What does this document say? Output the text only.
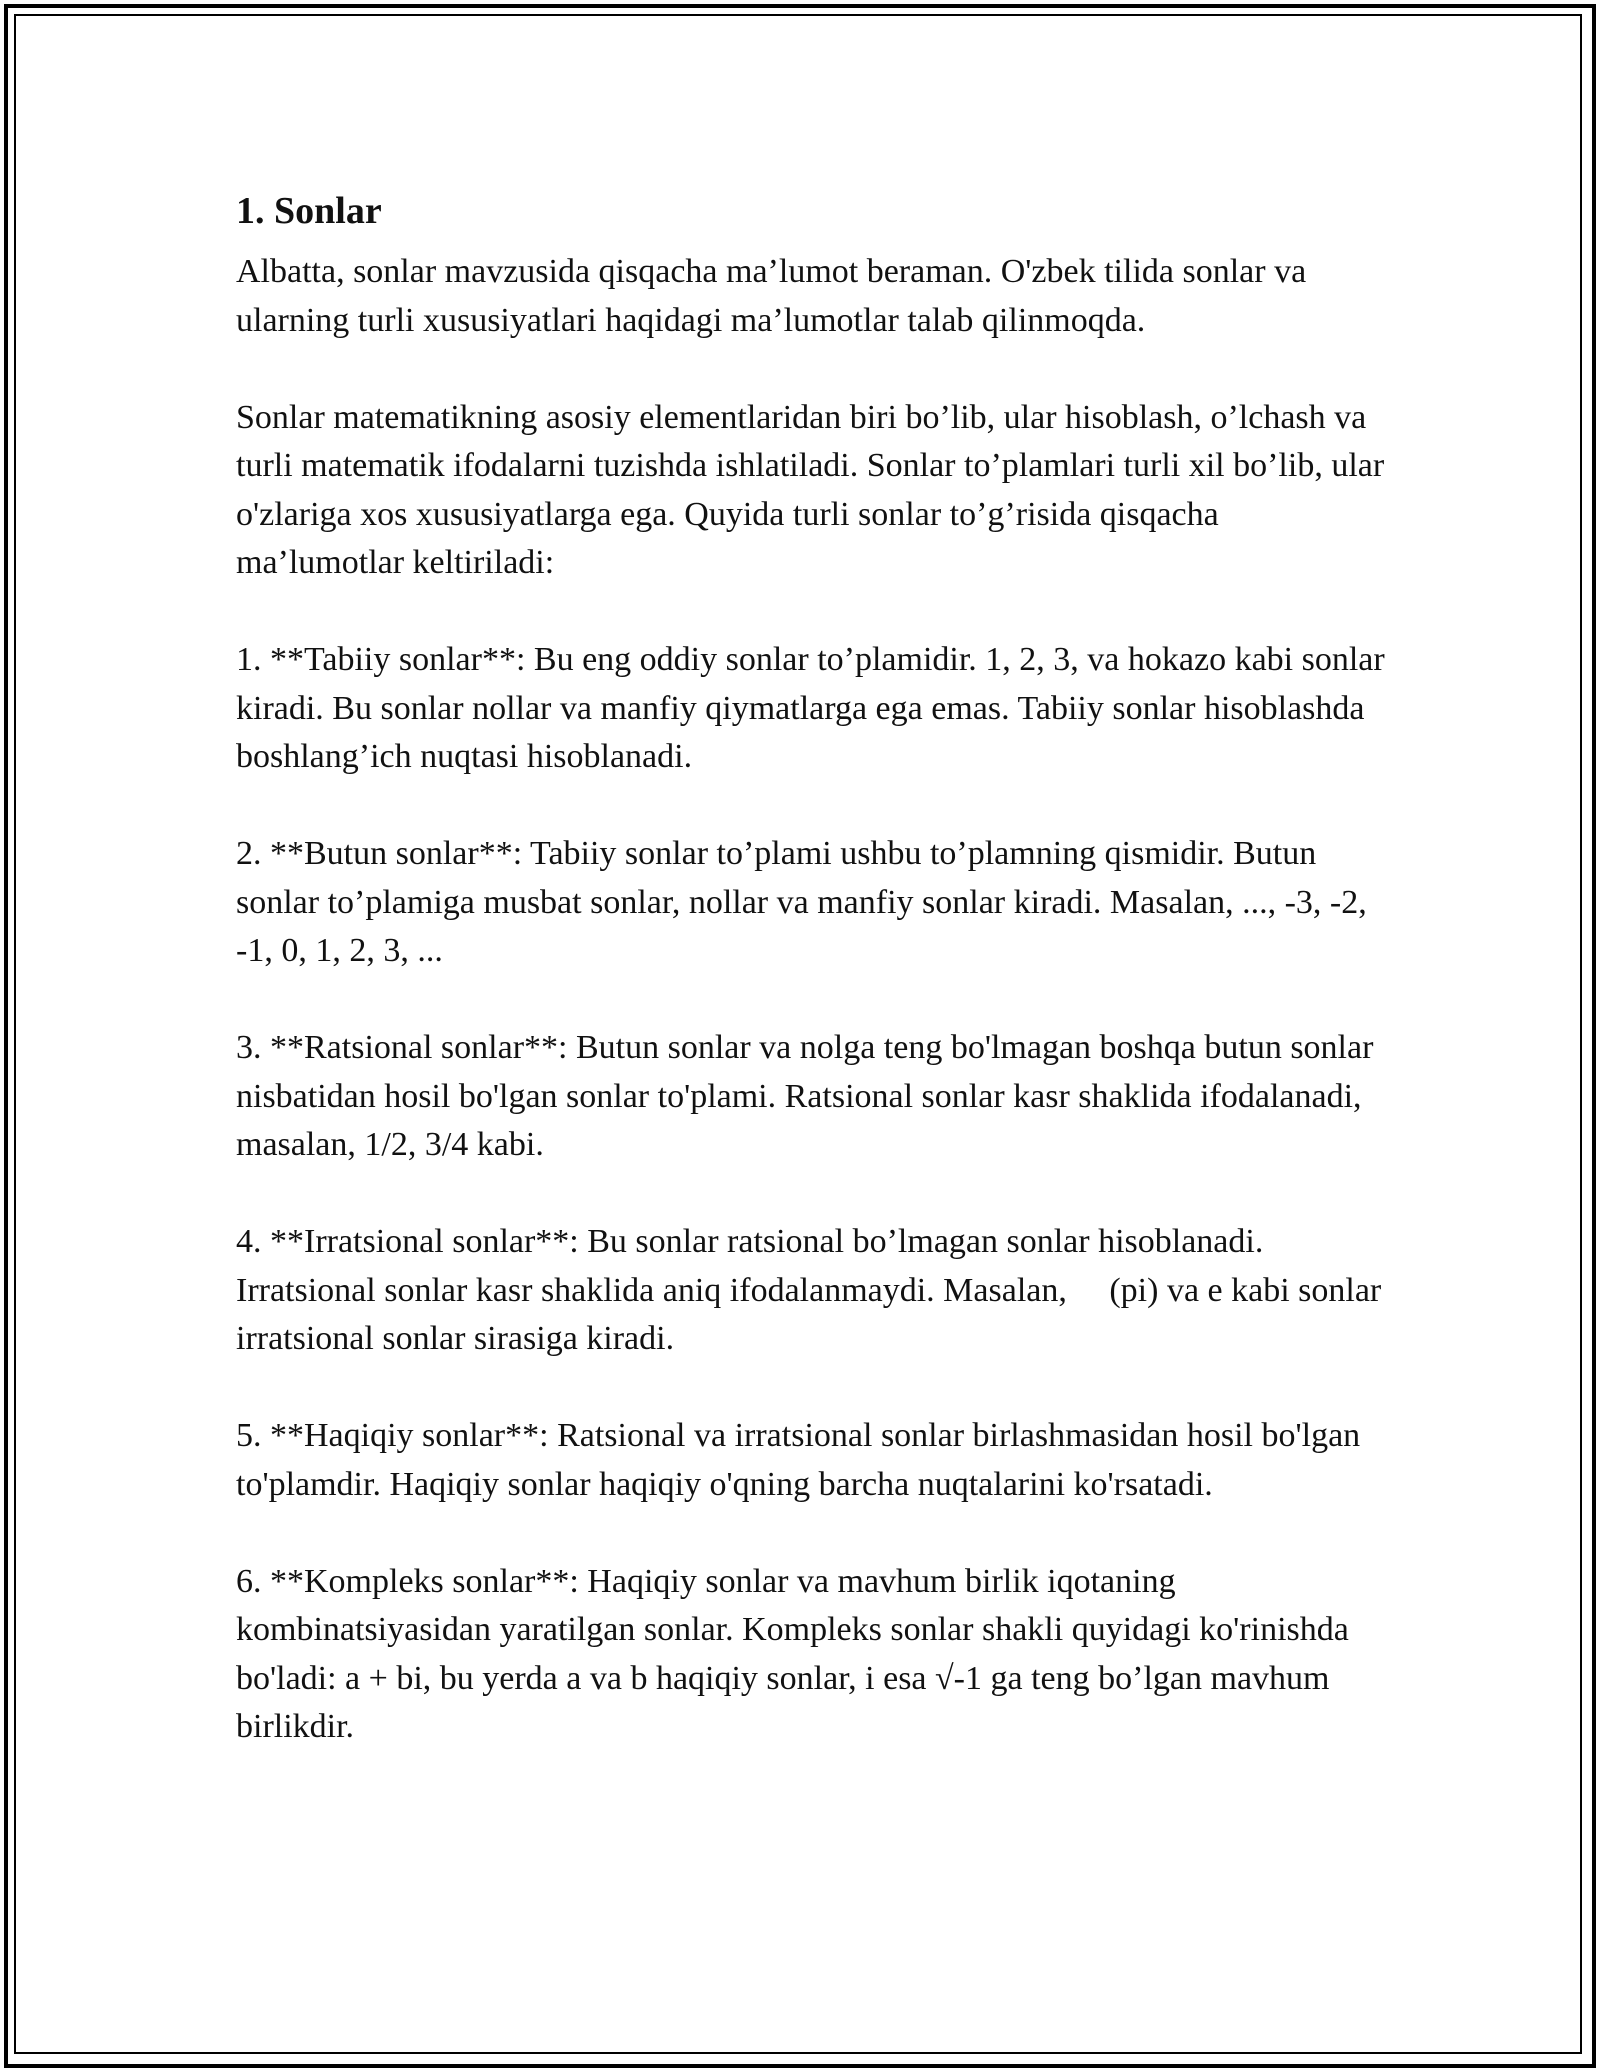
1. Sonlar

Albatta, sonlar mavzusida qisqacha ma’lumot beraman. O'zbek tilida sonlar va ularning turli xususiyatlari haqidagi ma’lumotlar talab qilinmoqda.

Sonlar matematikning asosiy elementlaridan biri bo’lib, ular hisoblash, o’lchash va turli matematik ifodalarni tuzishda ishlatiladi. Sonlar to’plamlari turli xil bo’lib, ular o'zlariga xos xususiyatlarga ega. Quyida turli sonlar to’g’risida qisqacha ma’lumotlar keltiriladi:

1. **Tabiiy sonlar**: Bu eng oddiy sonlar to’plamidir. 1, 2, 3, va hokazo kabi sonlar kiradi. Bu sonlar nollar va manfiy qiymatlarga ega emas. Tabiiy sonlar hisoblashda boshlang’ich nuqtasi hisoblanadi.

2. **Butun sonlar**: Tabiiy sonlar to’plami ushbu to’plamning qismidir. Butun sonlar to’plamiga musbat sonlar, nollar va manfiy sonlar kiradi. Masalan, ..., -3, -2, -1, 0, 1, 2, 3, ...

3. **Ratsional sonlar**: Butun sonlar va nolga teng bo'lmagan boshqa butun sonlar nisbatidan hosil bo'lgan sonlar to'plami. Ratsional sonlar kasr shaklida ifodalanadi, masalan, 1/2, 3/4 kabi.

4. **Irratsional sonlar**: Bu sonlar ratsional bo’lmagan sonlar hisoblanadi. Irratsional sonlar kasr shaklida aniq ifodalanmaydi. Masalan,     (pi) va e kabi sonlar irratsional sonlar sirasiga kiradi.

5. **Haqiqiy sonlar**: Ratsional va irratsional sonlar birlashmasidan hosil bo'lgan to'plamdir. Haqiqiy sonlar haqiqiy o'qning barcha nuqtalarini ko'rsatadi.

6. **Kompleks sonlar**: Haqiqiy sonlar va mavhum birlik iqotaning kombinatsiyasidan yaratilgan sonlar. Kompleks sonlar shakli quyidagi ko'rinishda bo'ladi: a + bi, bu yerda a va b haqiqiy sonlar, i esa √-1 ga teng bo’lgan mavhum birlikdir.
